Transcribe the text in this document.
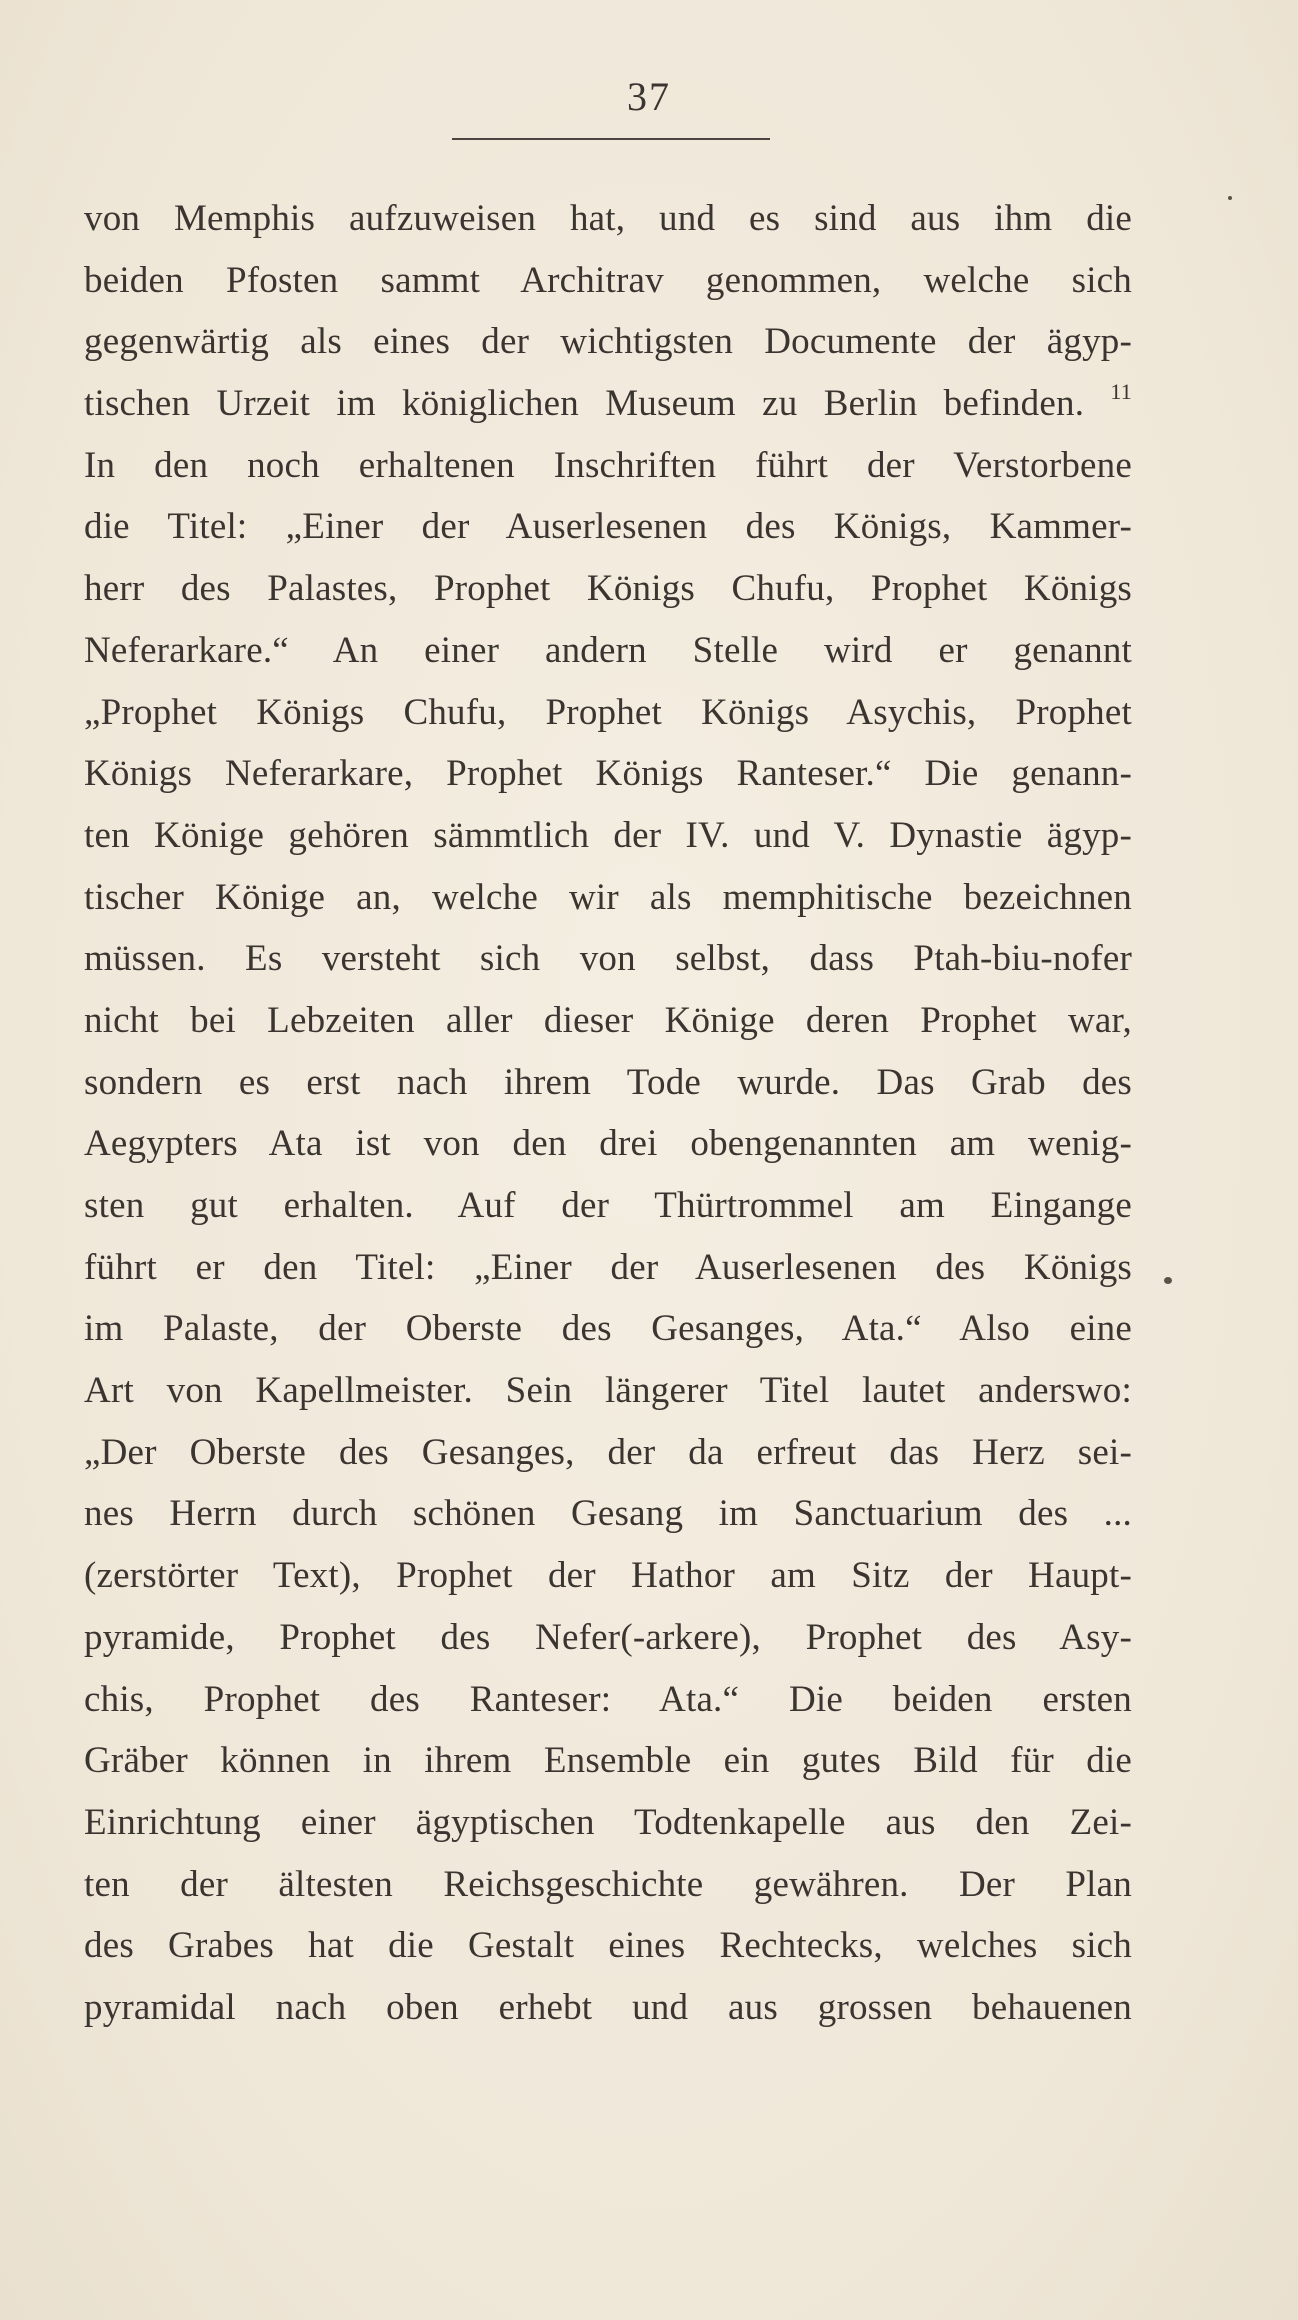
37
von Memphis aufzuweisen hat, und es sind aus ihm die
beiden Pfosten sammt Architrav genommen, welche sich
gegenwärtig als eines der wichtigsten Documente der ägyp-
tischen Urzeit im königlichen Museum zu Berlin befinden. $^{11}$
In den noch erhaltenen Inschriften führt der Verstorbene
die Titel: „Einer der Auserlesenen des Königs, Kammer-
herr des Palastes, Prophet Königs Chufu, Prophet Königs
Neferarkare.“ An einer andern Stelle wird er genannt
„Prophet Königs Chufu, Prophet Königs Asychis, Prophet
Königs Neferarkare, Prophet Königs Ranteser.“ Die genann-
ten Könige gehören sämmtlich der IV. und V. Dynastie ägyp-
tischer Könige an, welche wir als memphitische bezeichnen
müssen. Es versteht sich von selbst, dass Ptah-biu-nofer
nicht bei Lebzeiten aller dieser Könige deren Prophet war,
sondern es erst nach ihrem Tode wurde. Das Grab des
Aegypters Ata ist von den drei obengenannten am wenig-
sten gut erhalten. Auf der Thürtrommel am Eingange
führt er den Titel: „Einer der Auserlesenen des Königs
im Palaste, der Oberste des Gesanges, Ata.“ Also eine
Art von Kapellmeister. Sein längerer Titel lautet anderswo:
„Der Oberste des Gesanges, der da erfreut das Herz sei-
nes Herrn durch schönen Gesang im Sanctuarium des ...
(zerstörter Text), Prophet der Hathor am Sitz der Haupt-
pyramide, Prophet des Nefer(-arkere), Prophet des Asy-
chis, Prophet des Ranteser: Ata.“ Die beiden ersten
Gräber können in ihrem Ensemble ein gutes Bild für die
Einrichtung einer ägyptischen Todtenkapelle aus den Zei-
ten der ältesten Reichsgeschichte gewähren. Der Plan
des Grabes hat die Gestalt eines Rechtecks, welches sich
pyramidal nach oben erhebt und aus grossen behauenen
